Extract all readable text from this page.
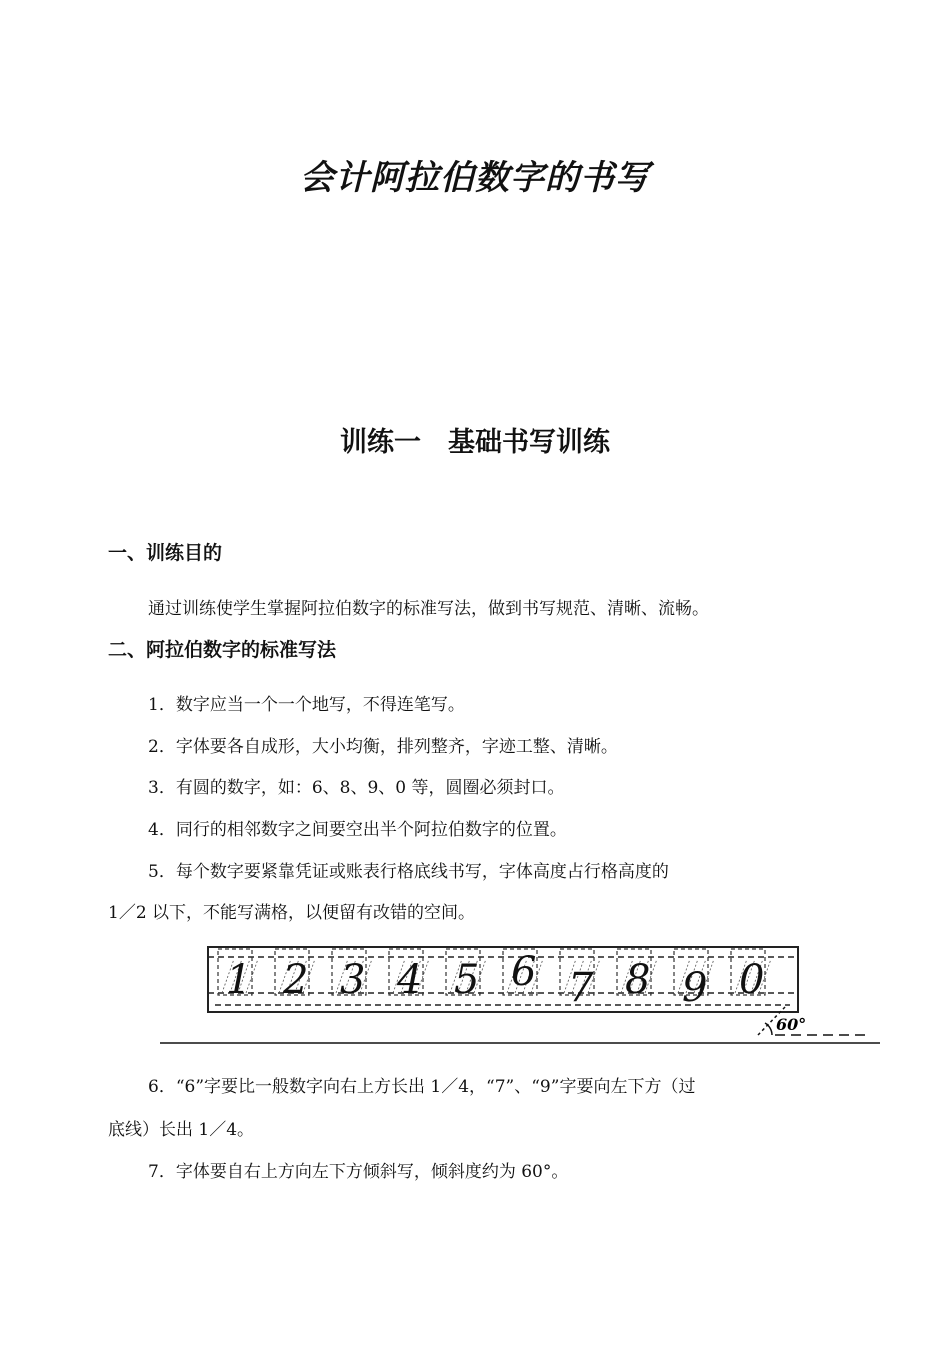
会计阿拉伯数字的书写
训练一　基础书写训练
一、训练目的
通过训练使学生掌握阿拉伯数字的标准写法，做到书写规范、清晰、流畅。
二、阿拉伯数字的标准写法
1．数字应当一个一个地写，不得连笔写。
2．字体要各自成形，大小均衡，排列整齐，字迹工整、清晰。
3．有圆的数字，如：6、8、9、0 等，圆圈必须封口。
4．同行的相邻数字之间要空出半个阿拉伯数字的位置。
5．每个数字要紧靠凭证或账表行格底线书写，字体高度占行格高度的
1／2 以下，不能写满格，以便留有改错的空间。
1 2 3 4 5 6 7 8 9 0
60°
6．“6”字要比一般数字向右上方长出 1／4，“7”、“9”字要向左下方（过
底线）长出 1／4。
7．字体要自右上方向左下方倾斜写，倾斜度约为 60°。
